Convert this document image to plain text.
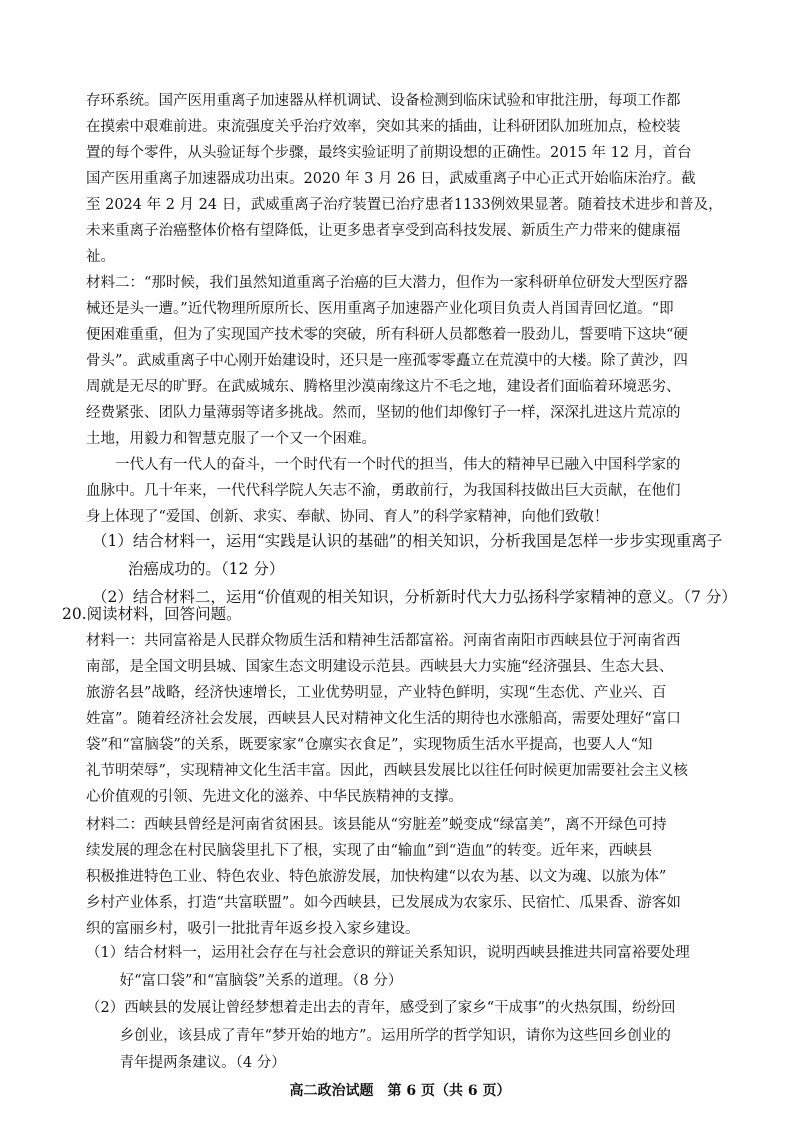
存环系统。国产医用重离子加速器从样机调试、设备检测到临床试验和审批注册，每项工作都
在摸索中艰难前进。束流强度关乎治疗效率，突如其来的插曲，让科研团队加班加点，检校装
置的每个零件，从头验证每个步骤，最终实验证明了前期设想的正确性。2015 年 12 月，首台
国产医用重离子加速器成功出束。2020 年 3 月 26 日，武威重离子中心正式开始临床治疗。截
至 2024 年 2 月 24 日，武威重离子治疗装置已治疗患者1133例效果显著。随着技术进步和普及，
未来重离子治癌整体价格有望降低，让更多患者享受到高科技发展、新质生产力带来的健康福
祉。
材料二：“那时候，我们虽然知道重离子治癌的巨大潜力，但作为一家科研单位研发大型医疗器
械还是头一遭。”近代物理所原所长、医用重离子加速器产业化项目负责人肖国青回忆道。“即
便困难重重，但为了实现国产技术零的突破，所有科研人员都憋着一股劲儿，誓要啃下这块“硬
骨头”。武威重离子中心刚开始建设时，还只是一座孤零零矗立在荒漠中的大楼。除了黄沙，四
周就是无尽的旷野。在武威城东、腾格里沙漠南缘这片不毛之地，建设者们面临着环境恶劣、
经费紧张、团队力量薄弱等诸多挑战。然而，坚韧的他们却像钉子一样，深深扎进这片荒凉的
土地，用毅力和智慧克服了一个又一个困难。
　　一代人有一代人的奋斗，一个时代有一个时代的担当，伟大的精神早已融入中国科学家的
血脉中。几十年来，一代代科学院人矢志不渝，勇敢前行，为我国科技做出巨大贡献，在他们
身上体现了“爱国、创新、求实、奉献、协同、育人”的科学家精神，向他们致敬！
（1）结合材料一，运用“实践是认识的基础”的相关知识，分析我国是怎样一步步实现重离子
　　 治癌成功的。（12 分）
（2）结合材料二，运用“价值观的相关知识，分析新时代大力弘扬科学家精神的意义。（7 分）
20.阅读材料，回答问题。
材料一：共同富裕是人民群众物质生活和精神生活都富裕。河南省南阳市西峡县位于河南省西
南部，是全国文明县城、国家生态文明建设示范县。西峡县大力实施“经济强县、生态大县、
旅游名县”战略，经济快速增长，工业优势明显，产业特色鲜明，实现“生态优、产业兴、百
姓富”。随着经济社会发展，西峡县人民对精神文化生活的期待也水涨船高，需要处理好“富口
袋”和“富脑袋”的关系，既要家家“仓廪实衣食足”，实现物质生活水平提高，也要人人“知
礼节明荣辱”，实现精神文化生活丰富。因此，西峡县发展比以往任何时候更加需要社会主义核
心价值观的引领、先进文化的滋养、中华民族精神的支撑。
材料二：西峡县曾经是河南省贫困县。该县能从“穷脏差”蜕变成“绿富美”，离不开绿色可持
续发展的理念在村民脑袋里扎下了根，实现了由“输血”到“造血”的转变。近年来，西峡县
积极推进特色工业、特色农业、特色旅游发展，加快构建“以农为基、以文为魂、以旅为体”
乡村产业体系，打造“共富联盟”。如今西峡县，已发展成为农家乐、民宿忙、瓜果香、游客如
织的富丽乡村，吸引一批批青年返乡投入家乡建设。
（1）结合材料一，运用社会存在与社会意识的辩证关系知识，说明西峡县推进共同富裕要处理
　　 好“富口袋”和“富脑袋”关系的道理。（8 分）
（2）西峡县的发展让曾经梦想着走出去的青年，感受到了家乡“干成事”的火热氛围，纷纷回
　　 乡创业，该县成了青年“梦开始的地方”。运用所学的哲学知识，请你为这些回乡创业的
　　 青年提两条建议。（4 分）
高二政治试题　第 6 页（共 6 页）
